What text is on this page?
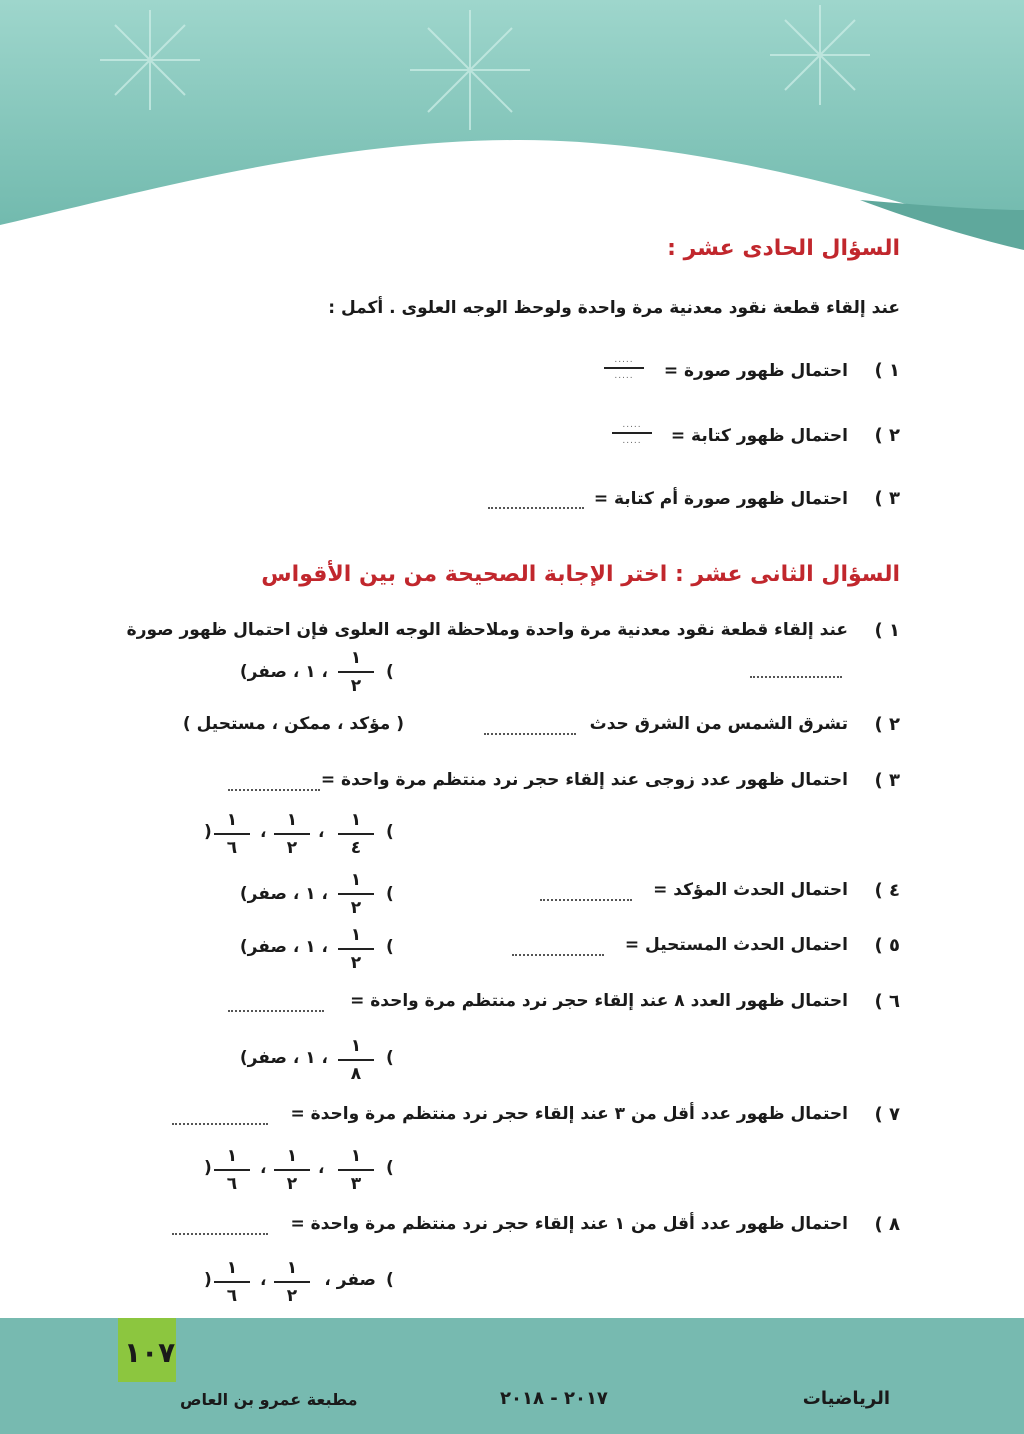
السؤال الحادى عشر :
عند إلقاء قطعة نقود معدنية مرة واحدة ولوحظ الوجه العلوى . أكمل :
١ )
احتمال ظهور صورة =
.....
.....
٢ )
احتمال ظهور كتابة =
.....
.....
٣ )
احتمال ظهور صورة أم كتابة =
السؤال الثانى عشر : اختر الإجابة الصحيحة من بين الأقواس
١ )
عند إلقاء قطعة نقود معدنية مرة واحدة وملاحظة الوجه العلوى فإن احتمال ظهور صورة
(
١
٢
، ١ ، صفر)
٢ )
تشرق الشمس من الشرق حدث
( مؤكد ، ممكن ، مستحيل )
٣ )
احتمال ظهور عدد زوجى عند إلقاء حجر نرد منتظم مرة واحدة =
(
١
٤
،
١
٢
،
١
٦
)
٤ )
احتمال الحدث المؤكد =
(
١
٢
، ١ ، صفر)
٥ )
احتمال الحدث المستحيل =
(
١
٢
، ١ ، صفر)
٦ )
احتمال ظهور العدد ٨ عند إلقاء حجر نرد منتظم مرة واحدة =
(
١
٨
، ١ ، صفر)
٧ )
احتمال ظهور عدد أقل من ٣ عند إلقاء حجر نرد منتظم مرة واحدة =
(
١
٣
،
١
٢
،
١
٦
)
٨ )
احتمال ظهور عدد أقل من ١ عند إلقاء حجر نرد منتظم مرة واحدة =
(
صفر ،
١
٢
،
١
٦
)
١٠٧
مطبعة عمرو بن العاص	٢٠١٧ - ٢٠١٨	الرياضيات
